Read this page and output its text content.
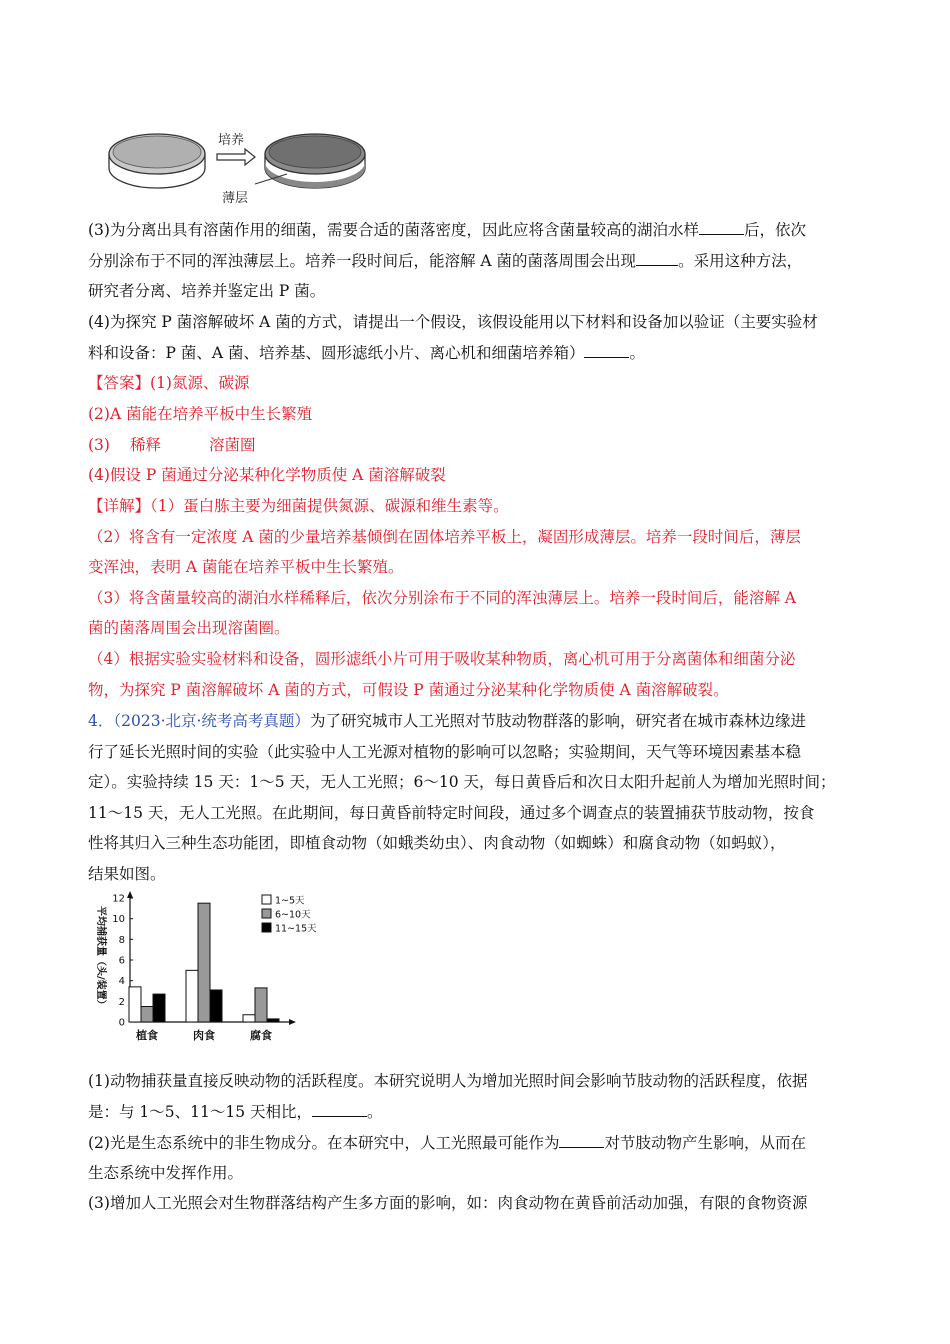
培养
薄层
(3)为分离出具有溶菌作用的细菌，需要合适的菌落密度，因此应将含菌量较高的湖泊水样	后，依次
分别涂布于不同的浑浊薄层上。培养一段时间后，能溶解 A 菌的菌落周围会出现	。采用这种方法，
研究者分离、培养并鉴定出 P 菌。
(4)为探究 P 菌溶解破坏 A 菌的方式，请提出一个假设，该假设能用以下材料和设备加以验证（主要实验材
料和设备：P 菌、A 菌、培养基、圆形滤纸小片、离心机和细菌培养箱）	。
【答案】(1)氮源、碳源
(2)A 菌能在培养平板中生长繁殖
(3) 稀释	溶菌圈
(4)假设 P 菌通过分泌某种化学物质使 A 菌溶解破裂
【详解】（1）蛋白胨主要为细菌提供氮源、碳源和维生素等。
（2）将含有一定浓度 A 菌的少量培养基倾倒在固体培养平板上，凝固形成薄层。培养一段时间后，薄层
变浑浊，表明 A 菌能在培养平板中生长繁殖。
（3）将含菌量较高的湖泊水样稀释后，依次分别涂布于不同的浑浊薄层上。培养一段时间后，能溶解 A
菌的菌落周围会出现溶菌圈。
（4）根据实验实验材料和设备，圆形滤纸小片可用于吸收某种物质，离心机可用于分离菌体和细菌分泌
物，为探究 P 菌溶解破坏 A 菌的方式，可假设 P 菌通过分泌某种化学物质使 A 菌溶解破裂。
4．（2023·北京·统考高考真题）为了研究城市人工光照对节肢动物群落的影响，研究者在城市森林边缘进
行了延长光照时间的实验（此实验中人工光源对植物的影响可以忽略；实验期间，天气等环境因素基本稳
定）。实验持续 15 天：1～5 天，无人工光照；6～10 天，每日黄昏后和次日太阳升起前人为增加光照时间；
11～15 天，无人工光照。在此期间，每日黄昏前特定时间段，通过多个调查点的装置捕获节肢动物，按食
性将其归入三种生态功能团，即植食动物（如蛾类幼虫）、肉食动物（如蜘蛛）和腐食动物（如蚂蚁），
结果如图。
平均捕获量（头/装置）
0
2
4
6
8
10
12
植食	肉食	腐食
1~5天
6~10天
11~15天
(1)动物捕获量直接反映动物的活跃程度。本研究说明人为增加光照时间会影响节肢动物的活跃程度，依据
是：与 1～5、11～15 天相比，	。
(2)光是生态系统中的非生物成分。在本研究中，人工光照最可能作为	对节肢动物产生影响，从而在
生态系统中发挥作用。
(3)增加人工光照会对生物群落结构产生多方面的影响，如：肉食动物在黄昏前活动加强，有限的食物资源
